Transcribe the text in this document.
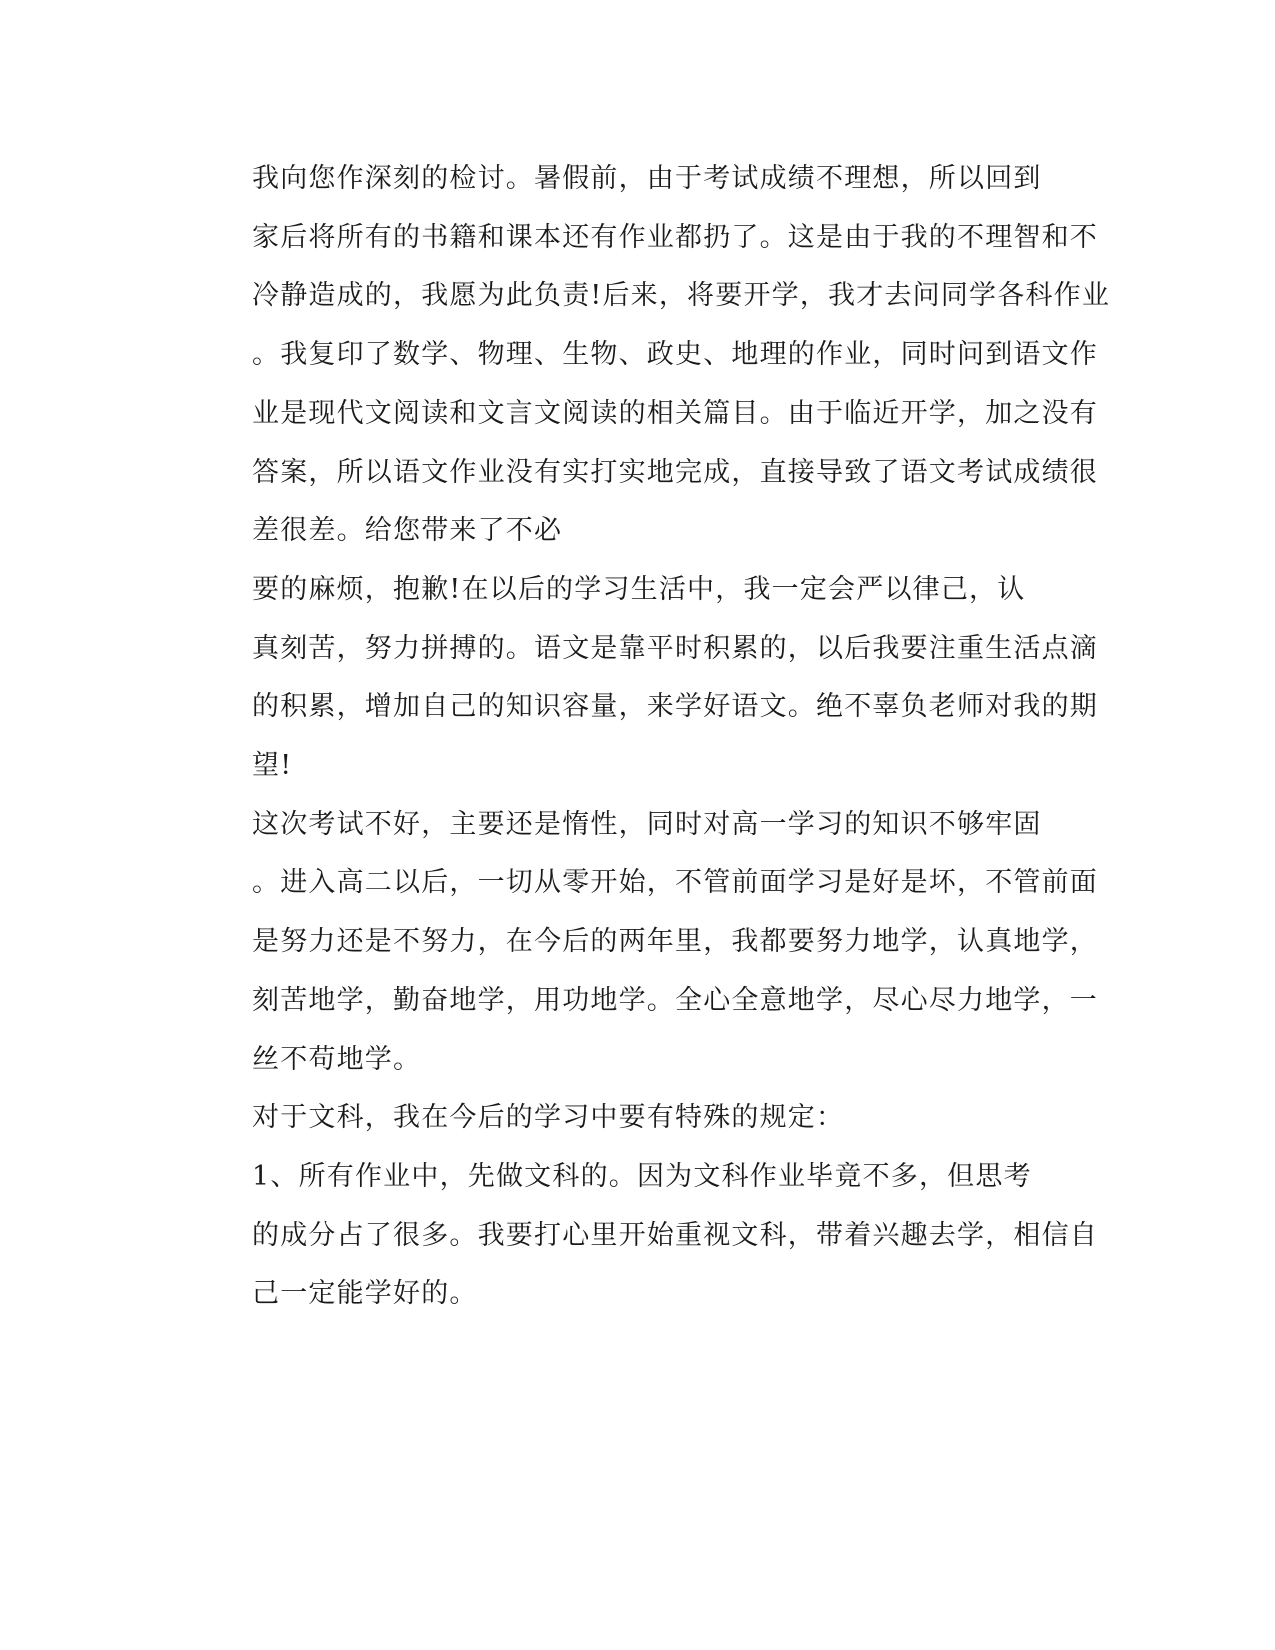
我向您作深刻的检讨。暑假前，由于考试成绩不理想，所以回到
家后将所有的书籍和课本还有作业都扔了。这是由于我的不理智和不
冷静造成的，我愿为此负责!后来，将要开学，我才去问同学各科作业
。我复印了数学、物理、生物、政史、地理的作业，同时问到语文作
业是现代文阅读和文言文阅读的相关篇目。由于临近开学，加之没有
答案，所以语文作业没有实打实地完成，直接导致了语文考试成绩很
差很差。给您带来了不必

要的麻烦，抱歉!在以后的学习生活中，我一定会严以律己，认
真刻苦，努力拼搏的。语文是靠平时积累的，以后我要注重生活点滴
的积累，增加自己的知识容量，来学好语文。绝不辜负老师对我的期
望!

这次考试不好，主要还是惰性，同时对高一学习的知识不够牢固
。进入高二以后，一切从零开始，不管前面学习是好是坏，不管前面
是努力还是不努力，在今后的两年里，我都要努力地学，认真地学，
刻苦地学，勤奋地学，用功地学。全心全意地学，尽心尽力地学，一
丝不苟地学。

对于文科，我在今后的学习中要有特殊的规定：

1、所有作业中，先做文科的。因为文科作业毕竟不多，但思考
的成分占了很多。我要打心里开始重视文科，带着兴趣去学，相信自
己一定能学好的。
